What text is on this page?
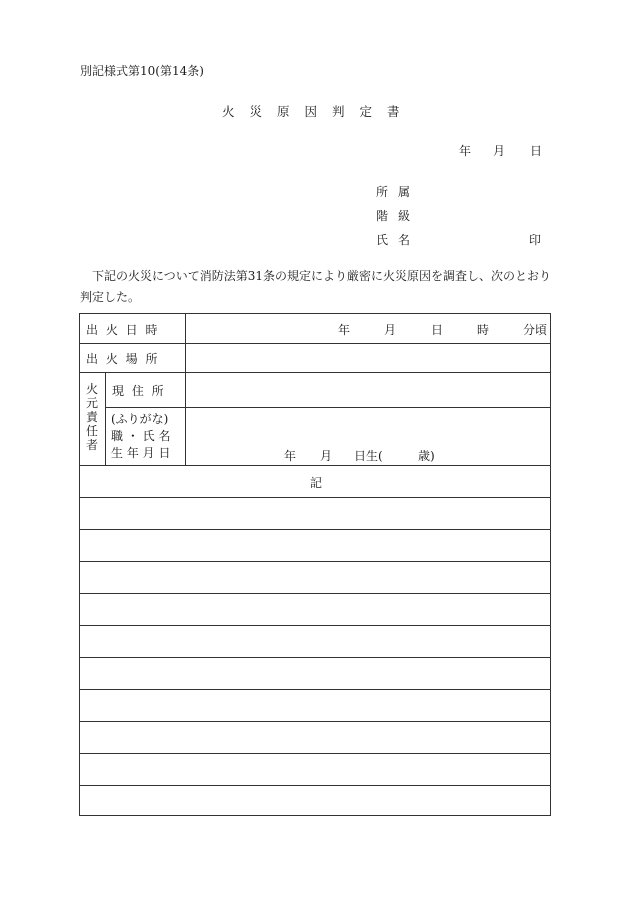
別記様式第10(第14条)
火災原因判定書
年 月 日
所属
階級
氏名	印
下記の火災について消防法第31条の規定により厳密に火災原因を調査し、次のとおり判定した。
出 火 日 時	年	月	日	時	分頃
出 火 場 所
火元責任者
現 住 所
(ふりがな)
職 ・ 氏 名
生 年 月 日	年 月 日生(	歳)
記
